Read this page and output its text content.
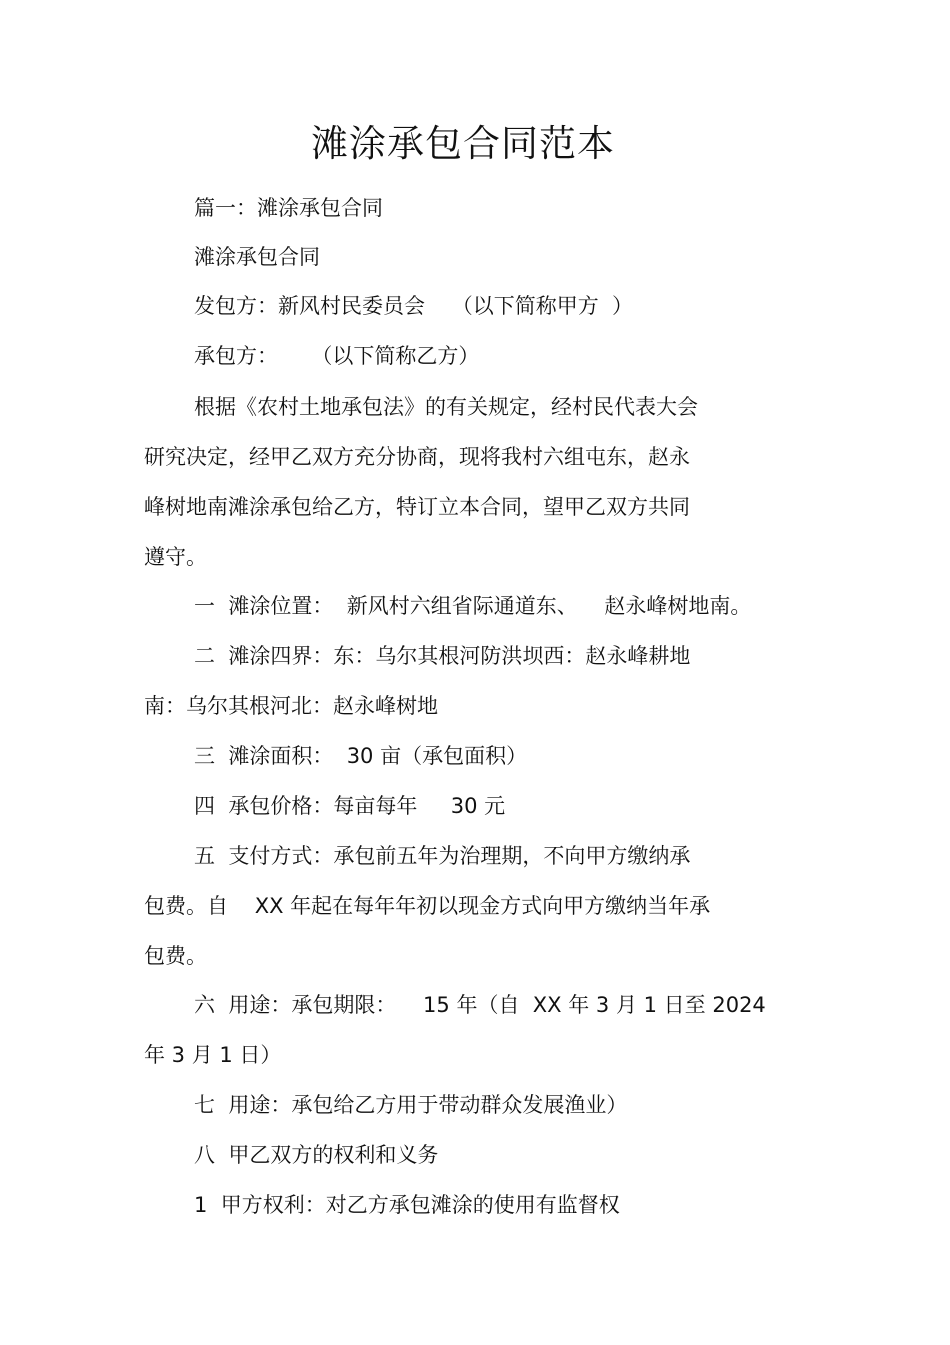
滩涂承包合同范本
篇一：滩涂承包合同
滩涂承包合同
发包方：新风村民委员会    （以下简称甲方  ）
承包方：     （以下简称乙方）
根据《农村土地承包法》的有关规定，经村民代表大会
研究决定，经甲乙双方充分协商，现将我村六组屯东，赵永
峰树地南滩涂承包给乙方，特订立本合同，望甲乙双方共同
遵守。
一  滩涂位置：  新风村六组省际通道东、    赵永峰树地南。
二  滩涂四界：东：乌尔其根河防洪坝西：赵永峰耕地
南：乌尔其根河北：赵永峰树地
三  滩涂面积：  30 亩（承包面积）
四  承包价格：每亩每年     30 元
五  支付方式：承包前五年为治理期，不向甲方缴纳承
包费。自    XX 年起在每年年初以现金方式向甲方缴纳当年承
包费。
六  用途：承包期限：    15 年（自  XX 年 3 月 1 日至 2024
年 3 月 1 日）
七  用途：承包给乙方用于带动群众发展渔业）
八  甲乙双方的权利和义务
1  甲方权利：对乙方承包滩涂的使用有监督权
